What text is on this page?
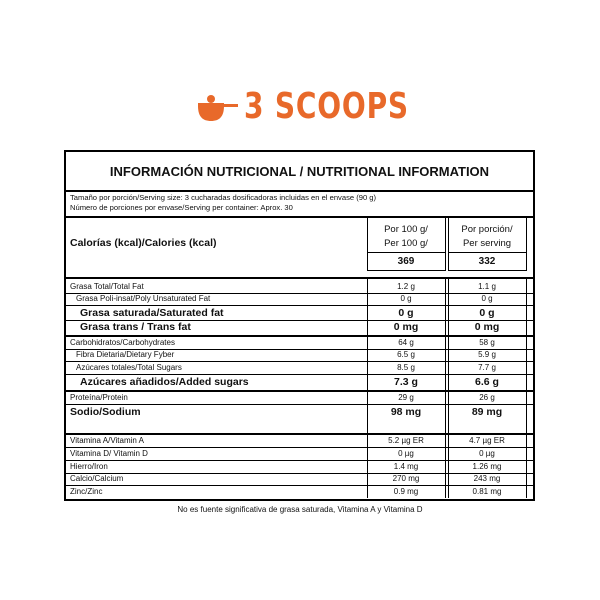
3 SCOOPS
INFORMACIÓN NUTRICIONAL / NUTRITIONAL INFORMATION
Tamaño por porción/Serving size: 3 cucharadas dosificadoras incluidas en el envase (90 g)
Número de porciones por envase/Serving per container: Aprox. 30
Calorías (kcal)/Calories (kcal)
Por 100 g/
Per 100 g/
Por porción/
Per serving
369	332
Grasa Total/Total Fat	1.2 g	1.1 g
Grasa Poli-insat/Poly Unsaturated Fat	0 g	0 g
Grasa saturada/Saturated fat	0 g	0 g
Grasa trans / Trans fat	0 mg	0 mg
Carbohidratos/Carbohydrates	64 g	58 g
Fibra Dietaria/Dietary Fyber	6.5 g	5.9 g
Azúcares totales/Total Sugars	8.5 g	7.7 g
Azúcares añadidos/Added sugars	7.3 g	6.6 g
Proteína/Protein	29 g	26 g
Sodio/Sodium	98 mg	89 mg
Vitamina A/Vitamin A	5.2 µg ER	4.7 µg ER
Vitamina D/ Vitamin D	0 µg	0 µg
Hierro/Iron	1.4 mg	1.26 mg
Calcio/Calcium	270 mg	243 mg
Zinc/Zinc	0.9 mg	0.81 mg
No es fuente significativa de grasa saturada, Vitamina A y Vitamina D
